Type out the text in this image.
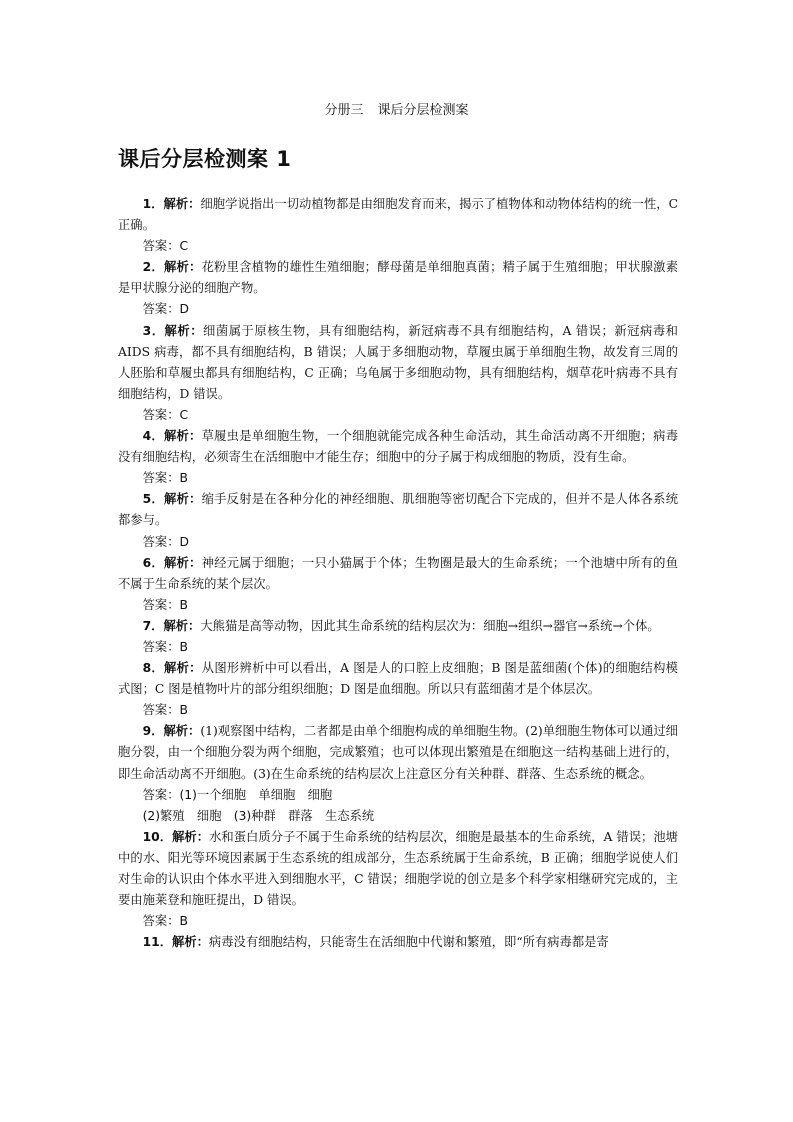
分册三 课后分层检测案
课后分层检测案 1

1．解析：细胞学说指出一切动植物都是由细胞发育而来，揭示了植物体和动物体结构的统一性，C 正确。

答案：C

2．解析：花粉里含植物的雄性生殖细胞；酵母菌是单细胞真菌；精子属于生殖细胞；甲状腺激素是甲状腺分泌的细胞产物。

答案：D

3．解析：细菌属于原核生物，具有细胞结构，新冠病毒不具有细胞结构，A 错误；新冠病毒和 AIDS 病毒，都不具有细胞结构，B 错误；人属于多细胞动物，草履虫属于单细胞生物，故发育三周的人胚胎和草履虫都具有细胞结构，C 正确；乌龟属于多细胞动物，具有细胞结构，烟草花叶病毒不具有细胞结构，D 错误。

答案：C

4．解析：草履虫是单细胞生物，一个细胞就能完成各种生命活动，其生命活动离不开细胞；病毒没有细胞结构，必须寄生在活细胞中才能生存；细胞中的分子属于构成细胞的物质，没有生命。

答案：B

5．解析：缩手反射是在各种分化的神经细胞、肌细胞等密切配合下完成的，但并不是人体各系统都参与。

答案：D

6．解析：神经元属于细胞；一只小猫属于个体；生物圈是最大的生命系统；一个池塘中所有的鱼不属于生命系统的某个层次。

答案：B

7．解析：大熊猫是高等动物，因此其生命系统的结构层次为：细胞→组织→器官→系统→个体。

答案：B

8．解析：从图形辨析中可以看出，A 图是人的口腔上皮细胞；B 图是蓝细菌(个体)的细胞结构模式图；C 图是植物叶片的部分组织细胞；D 图是血细胞。所以只有蓝细菌才是个体层次。

答案：B

9．解析：(1)观察图中结构，二者都是由单个细胞构成的单细胞生物。(2)单细胞生物体可以通过细胞分裂，由一个细胞分裂为两个细胞，完成繁殖；也可以体现出繁殖是在细胞这一结构基础上进行的，即生命活动离不开细胞。(3)在生命系统的结构层次上注意区分有关种群、群落、生态系统的概念。

答案：(1)一个细胞　单细胞　细胞

(2)繁殖　细胞　(3)种群　群落　生态系统

10．解析：水和蛋白质分子不属于生命系统的结构层次，细胞是最基本的生命系统，A 错误；池塘中的水、阳光等环境因素属于生态系统的组成部分，生态系统属于生命系统，B 正确；细胞学说使人们对生命的认识由个体水平进入到细胞水平，C 错误；细胞学说的创立是多个科学家相继研究完成的，主要由施莱登和施旺提出，D 错误。

答案：B

11．解析：病毒没有细胞结构，只能寄生在活细胞中代谢和繁殖，即“所有病毒都是寄
